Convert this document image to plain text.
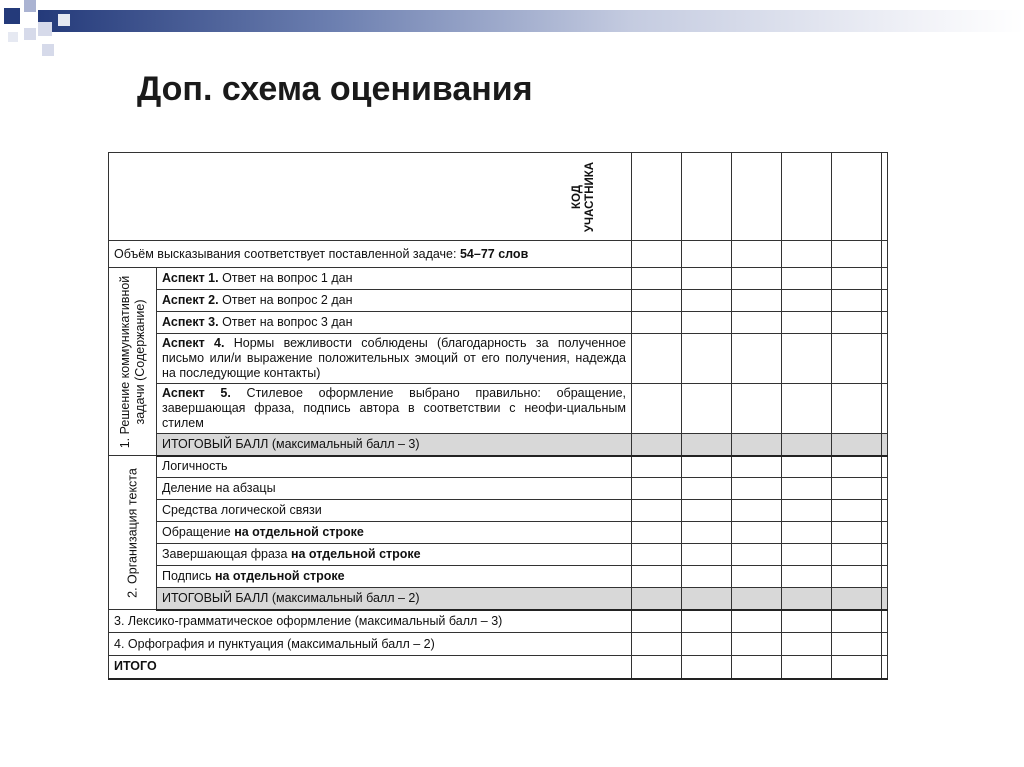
Доп. схема оценивания
КОД
УЧАСТНИКА							

Объём высказывания соответствует поставленной задаче: 54–77 слов							

1. Решение коммуникативной
задачи (Содержание)	Аспект 1. Ответ на вопрос 1 дан						
	Аспект 2. Ответ на вопрос 2 дан						
	Аспект 3. Ответ на вопрос 3 дан						
	Аспект 4. Нормы вежливости соблюдены (благодарность за полученное письмо или/и выражение положительных эмоций от его получения, надежда на последующие контакты)						
	Аспект 5. Стилевое оформление выбрано правильно: обращение, завершающая фраза, подпись автора в соответствии с неофи-циальным стилем						
	ИТОГОВЫЙ БАЛЛ (максимальный балл – 3)						

2. Организация текста	Логичность						
	Деление на абзацы						
	Средства логической связи						
	Обращение на отдельной строке						
	Завершающая фраза на отдельной строке						
	Подпись на отдельной строке						
	ИТОГОВЫЙ БАЛЛ (максимальный балл – 2)						
3. Лексико-грамматическое оформление (максимальный балл – 3)							
4. Орфография и пунктуация (максимальный балл – 2)							
ИТОГО							
